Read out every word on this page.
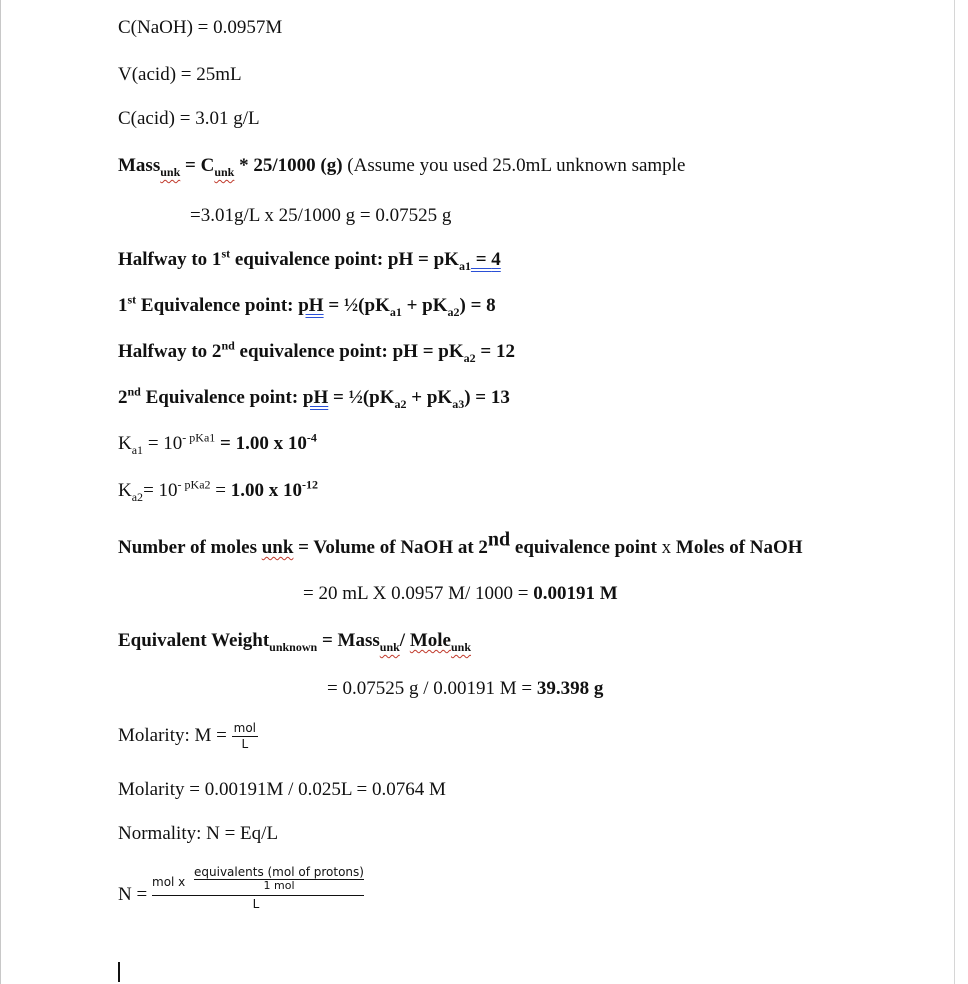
C(NaOH) = 0.0957M
V(acid) = 25mL
C(acid) = 3.01 g/L
Mass$_{unk}$ = $C_{unk} * 25/1000$ (g) (Assume you used 25.0mL unknown sample
=3.01g/L x 25/1000 g = 0.07525 g
Halfway to 1st equivalence point: pH = $pK_{a1} = 4$
1st Equivalence point: pH = $\frac{1}{2}(pK_{a1} + pK_{a2}) = 8$
Halfway to 2nd equivalence point: pH = $pK_{a2} = 12$
2nd Equivalence point: pH = $\frac{1}{2}(pK_{a2} + pK_{a3}) = 13$
$K_{a1} = 10^{- pKa1} = 1.00$ x $10^{-4}$
$K_{a2}= 10^{- pKa2} = 1.00$ x $10^{-12}$
Number of moles unk = Volume of NaOH at 2nd equivalence point x Moles of NaOH
= 20 mL X 0.0957 M/ 1000 = 0.00191 M
Equivalent Weight$_{unknown}$ = Mass$_{unk}$/ Mole$_{unk}$
= 0.07525 g / 0.00191 M = 39.398 g
Molarity: $M = \frac{\text{mol}}{L}$
Molarity = 0.00191M / 0.025L = 0.0764 M
Normality: N = Eq/L
N =
mol x
equivalents (mol of protons)
1 mol
L
